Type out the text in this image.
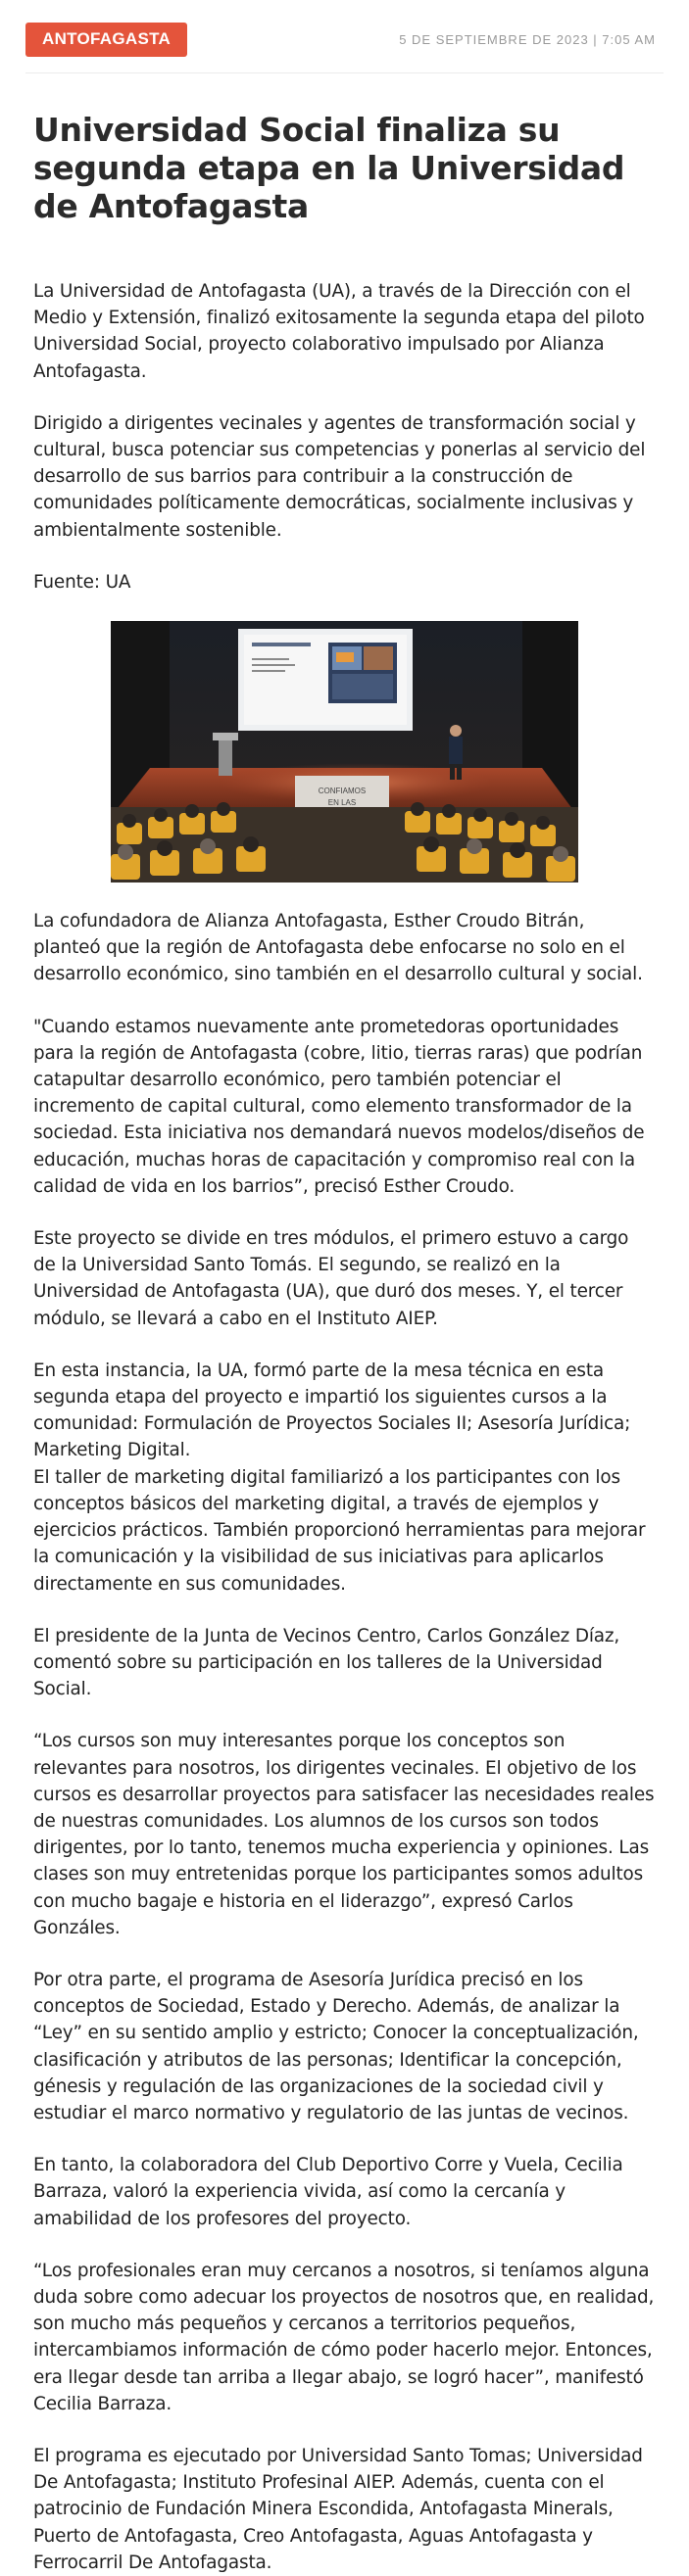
ANTOFAGASTA	5 DE SEPTIEMBRE DE 2023 | 7:05 AM
Universidad Social finaliza su segunda etapa en la Universidad de Antofagasta

La Universidad de Antofagasta (UA), a través de la Dirección con el Medio y Extensión, finalizó exitosamente la segunda etapa del piloto Universidad Social, proyecto colaborativo impulsado por Alianza Antofagasta.

Dirigido a dirigentes vecinales y agentes de transformación social y cultural, busca potenciar sus competencias y ponerlas al servicio del desarrollo de sus barrios para contribuir a la construcción de comunidades políticamente democráticas, socialmente inclusivas y ambientalmente sostenible.

Fuente: UA

CONFIAMOS
EN LAS

La cofundadora de Alianza Antofagasta, Esther Croudo Bitrán, planteó que la región de Antofagasta debe enfocarse no solo en el desarrollo económico, sino también en el desarrollo cultural y social.

"Cuando estamos nuevamente ante prometedoras oportunidades para la región de Antofagasta (cobre, litio, tierras raras) que podrían catapultar desarrollo económico, pero también potenciar el incremento de capital cultural, como elemento transformador de la sociedad. Esta iniciativa nos demandará nuevos modelos/diseños de educación, muchas horas de capacitación y compromiso real con la calidad de vida en los barrios”, precisó Esther Croudo.

Este proyecto se divide en tres módulos, el primero estuvo a cargo de la Universidad Santo Tomás. El segundo, se realizó en la Universidad de Antofagasta (UA), que duró dos meses. Y, el tercer módulo, se llevará a cabo en el Instituto AIEP.

En esta instancia, la UA, formó parte de la mesa técnica en esta segunda etapa del proyecto e impartió los siguientes cursos a la comunidad: Formulación de Proyectos Sociales II; Asesoría Jurídica; Marketing Digital.

El taller de marketing digital familiarizó a los participantes con los conceptos básicos del marketing digital, a través de ejemplos y ejercicios prácticos. También proporcionó herramientas para mejorar la comunicación y la visibilidad de sus iniciativas para aplicarlos directamente en sus comunidades.

El presidente de la Junta de Vecinos Centro, Carlos González Díaz, comentó sobre su participación en los talleres de la Universidad Social.

“Los cursos son muy interesantes porque los conceptos son relevantes para nosotros, los dirigentes vecinales. El objetivo de los cursos es desarrollar proyectos para satisfacer las necesidades reales de nuestras comunidades. Los alumnos de los cursos son todos dirigentes, por lo tanto, tenemos mucha experiencia y opiniones. Las clases son muy entretenidas porque los participantes somos adultos con mucho bagaje e historia en el liderazgo”, expresó Carlos Gonzáles.

Por otra parte, el programa de Asesoría Jurídica precisó en los conceptos de Sociedad, Estado y Derecho. Además, de analizar la “Ley” en su sentido amplio y estricto; Conocer la conceptualización, clasificación y atributos de las personas; Identificar la concepción, génesis y regulación de las organizaciones de la sociedad civil y estudiar el marco normativo y regulatorio de las juntas de vecinos.

En tanto, la colaboradora del Club Deportivo Corre y Vuela, Cecilia Barraza, valoró la experiencia vivida, así como la cercanía y amabilidad de los profesores del proyecto.

“Los profesionales eran muy cercanos a nosotros, si teníamos alguna duda sobre como adecuar los proyectos de nosotros que, en realidad, son mucho más pequeños y cercanos a territorios pequeños, intercambiamos información de cómo poder hacerlo mejor. Entonces, era llegar desde tan arriba a llegar abajo, se logró hacer”, manifestó Cecilia Barraza.

El programa es ejecutado por Universidad Santo Tomas; Universidad De Antofagasta; Instituto Profesinal AIEP. Además, cuenta con el patrocinio de Fundación Minera Escondida, Antofagasta Minerals, Puerto de Antofagasta, Creo Antofagasta, Aguas Antofagasta y Ferrocarril De Antofagasta.
